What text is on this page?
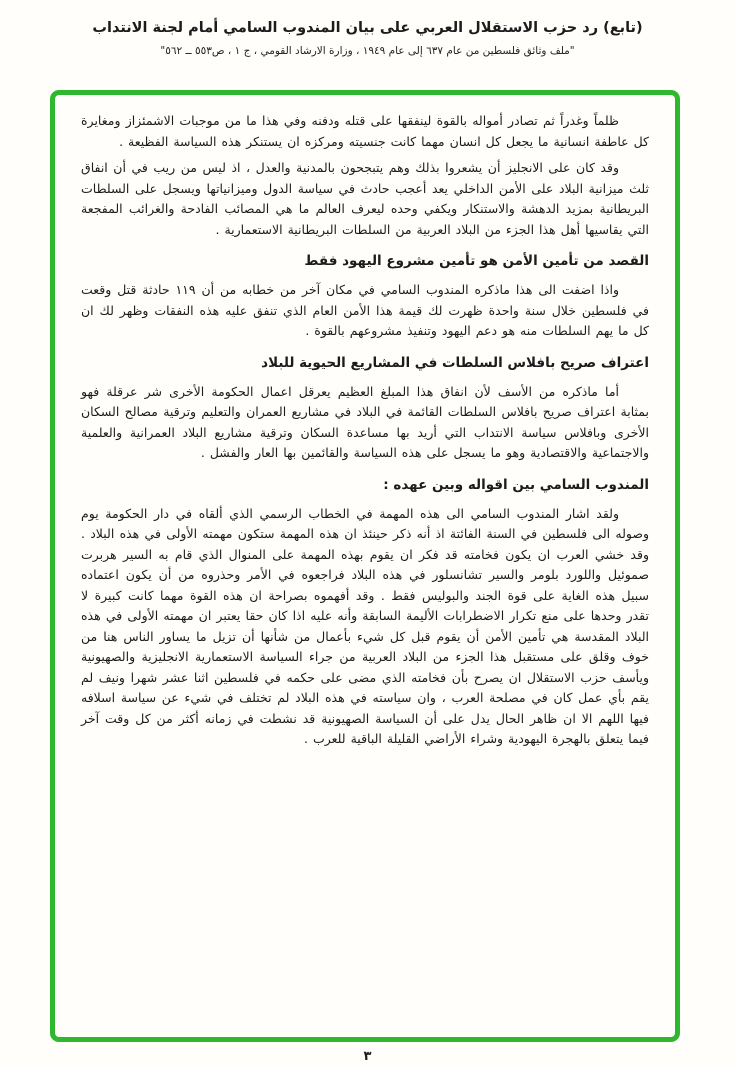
(تابع) رد حزب الاستقلال العربي على بيان المندوب السامي أمام لجنة الانتداب
"ملف وثائق فلسطين من عام ٦٣٧ إلى عام ١٩٤٩ ، وزارة الارشاد القومي ، ج ١ ، ص٥٥٣ ــ ٥٦٢"

ظلماً وغدراً ثم تصادر أمواله بالقوة لينفقها على قتله ودفنه وفي هذا ما من موجبات الاشمئزاز ومغايرة كل عاطفة انسانية ما يجعل كل انسان مهما كانت جنسيته ومركزه ان يستنكر هذه السياسة الفظيعة .

وقد كان على الانجليز أن يشعروا بذلك وهم يتبجحون بالمدنية والعدل ، اذ ليس من ريب في أن انفاق ثلث ميزانية البلاد على الأمن الداخلي يعد أعجب حادث في سياسة الدول وميزانياتها ويسجل على السلطات البريطانية بمزيد الدهشة والاستنكار ويكفي وحده ليعرف العالم ما هي المصائب الفادحة والغرائب المفجعة التي يقاسيها أهل هذا الجزء من البلاد العربية من السلطات البريطانية الاستعمارية .

القصد من تأمين الأمن هو تأمين مشروع اليهود فقط

واذا اضفت الى هذا ماذكره المندوب السامي في مكان آخر من خطابه من أن ١١٩ حادثة قتل وقعت في فلسطين خلال سنة واحدة ظهرت لك قيمة هذا الأمن العام الذي تنفق عليه هذه النفقات وظهر لك ان كل ما يهم السلطات منه هو دعم اليهود وتنفيذ مشروعهم بالقوة .

اعتراف صريح بافلاس السلطات في المشاريع الحيوية للبلاد

أما ماذكره من الأسف لأن انفاق هذا المبلغ العظيم يعرقل اعمال الحكومة الأخرى شر عرقلة فهو بمثابة اعتراف صريح بافلاس السلطات القائمة في البلاد في مشاريع العمران والتعليم وترقية مصالح السكان الأخرى وبافلاس سياسة الانتداب التي أريد بها مساعدة السكان وترقية مشاريع البلاد العمرانية والعلمية والاجتماعية والاقتصادية وهو ما يسجل على هذه السياسة والقائمين بها العار والفشل .

المندوب السامي بين اقواله وبين عهده :

ولقد اشار المندوب السامي الى هذه المهمة في الخطاب الرسمي الذي ألقاه في دار الحكومة يوم وصوله الى فلسطين في السنة الفائتة اذ أنه ذكر حينئذ ان هذه المهمة ستكون مهمته الأولى في هذه البلاد . وقد خشي العرب ان يكون فخامته قد فكر ان يقوم بهذه المهمة على المنوال الذي قام به السير هربرت صموئيل واللورد بلومر والسير تشانسلور في هذه البلاد فراجعوه في الأمر وحذروه من أن يكون اعتماده سبيل هذه الغاية على قوة الجند والبوليس فقط . وقد أفهموه بصراحة ان هذه القوة مهما كانت كبيرة لا تقدر وحدها على منع تكرار الاضطرابات الأليمة السابقة وأنه عليه اذا كان حقا يعتبر ان مهمته الأولى في هذه البلاد المقدسة هي تأمين الأمن أن يقوم قبل كل شيء بأعمال من شأنها أن تزيل ما يساور الناس هنا من خوف وقلق على مستقبل هذا الجزء من البلاد العربية من جراء السياسة الاستعمارية الانجليزية والصهيونية ويأسف حزب الاستقلال ان يصرح بأن فخامته الذي مضى على حكمه في فلسطين اثنا عشر شهرا ونيف لم يقم بأي عمل كان في مصلحة العرب ، وان سياسته في هذه البلاد لم تختلف في شيء عن سياسة اسلافه فيها اللهم الا ان ظاهر الحال يدل على أن السياسة الصهيونية قد نشطت في زمانه أكثر من كل وقت آخر فيما يتعلق بالهجرة اليهودية وشراء الأراضي القليلة الباقية للعرب .

٣
